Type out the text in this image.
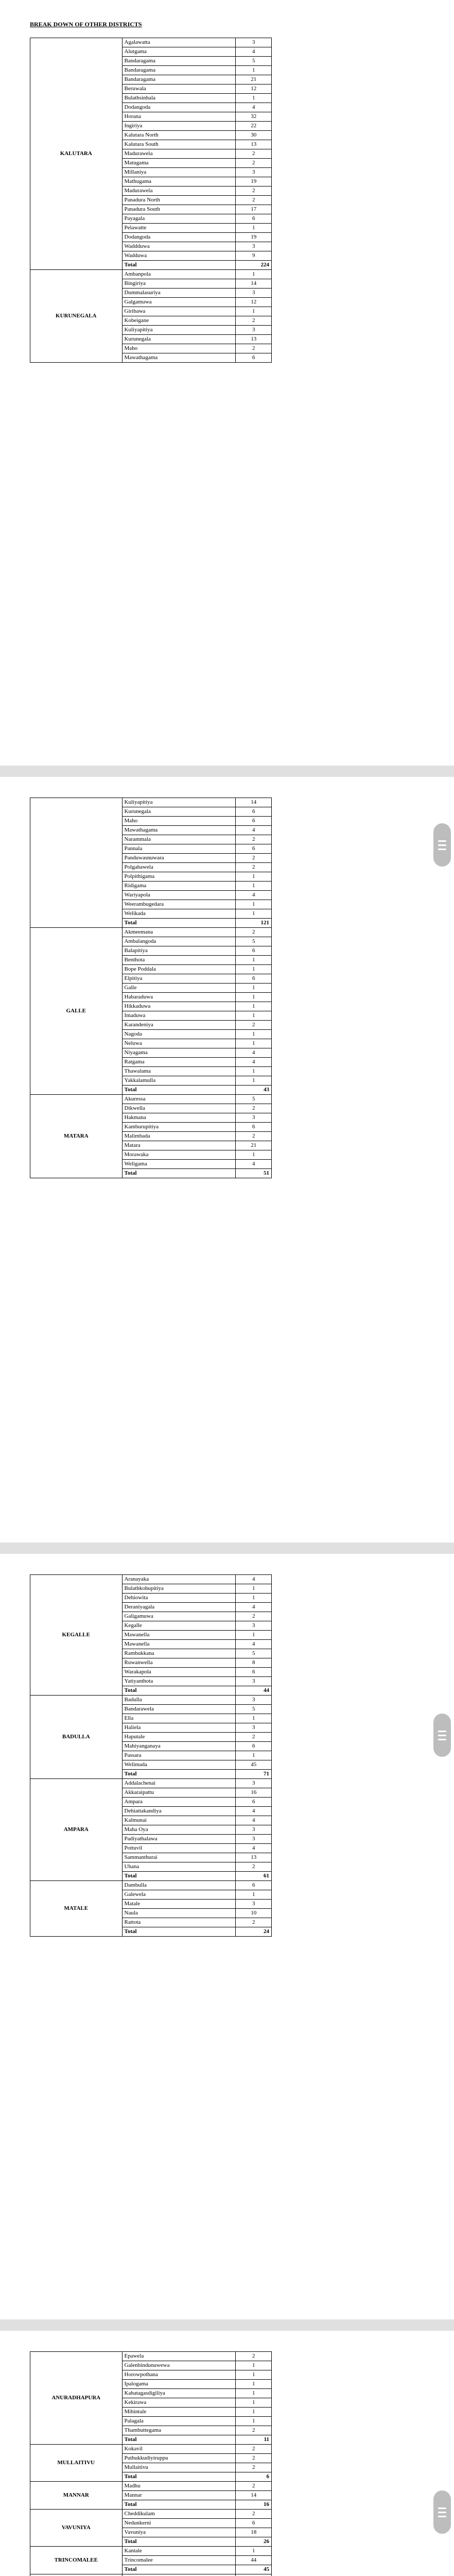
BREAK DOWN OF OTHER DISTRICTS
KALUTARA	Agalawatta	3
	Alutgama	4
	Bandaragama	5
	Bandaragama	1
	Bandaragama	21
	Beruwala	12
	Bulathsinhala	1
	Dodangoda	4
	Horana	32
	Ingiriya	22
	Kalutara North	30
	Kalutara South	13
	Madurawela	2
	Matugama	2
	Millaniya	3
	Mathugama	19
	Madurawela	2
	Panadura North	2
	Panadura South	17
	Payagala	6
	Pelawatte	1
	Dodangoda	19
	Waddduwa	3
	Wadduwa	9
	Total	224
KURUNEGALA	Ambanpola	1
	Bingiriya	14
	Dummalasuriya	3
	Galgamuwa	12
	Giribawa	1
	Kobeigane	2
	Kuliyapitiya	3
	Kurunegala	13
	Maho	2
	Mawathagama	6
	Kuliyapitiya	14
	Kurunegala	6
	Maho	6
	Mawathagama	4
	Narammala	2
	Pannala	6
	Panduwasnuwara	2
	Polgahawela	2
	Polpithigama	1
	Ridigama	1
	Wariyapola	4
	Weerambugedara	1
	Welikada	1
	Total	121
GALLE	Akmeemana	2
	Ambalangoda	5
	Balapitiya	6
	Benthota	1
	Bope Poddala	1
	Elpitiya	6
	Galle	1
	Habaraduwa	1
	Hikkaduwa	1
	Imaduwa	1
	Karandeniya	2
	Nagoda	1
	Neluwa	1
	Niyagama	4
	Ratgama	4
	Thawalama	1
	Yakkalamulla	1
	Total	43
MATARA	Akuressa	5
	Dikwella	2
	Hakmana	3
	Kamburupitiya	6
	Malimbada	2
	Matara	21
	Morawaka	1
	Weligama	4
	Total	51
KEGALLE	Aranayaka	4
	Bulathkohupitiya	1
	Dehiowita	1
	Deraniyagala	4
	Galigamuwa	2
	Kegalle	3
	Mawanella	1
	Mawanella	4
	Rambukkana	5
	Ruwanwella	8
	Warakapola	6
	Yatiyanthota	3
	Total	44
BADULLA	Badulla	3
	Bandarawela	5
	Ella	1
	Haliela	3
	Haputale	2
	Mahiyanganaya	6
	Passara	1
	Welimada	45
	Total	71
AMPARA	Addalachenai	3
	Akkaraipattu	16
	Ampara	6
	Dehiattakandiya	4
	Kalmunai	4
	Maha Oya	3
	Padiyathalawa	3
	Pottuvil	4
	Sammanthurai	13
	Uhana	2
	Total	61
MATALE	Dambulla	6
	Galewela	1
	Matale	3
	Naula	10
	Rattota	2
	Total	24
ANURADHAPURA	Epawela	2
	Galenbindunuwewa	1
	Horowpothana	1
	Ipalogama	1
	Kahatagasdigiliya	1
	Kekirawa	1
	Mihintale	1
	Palagala	1
	Thambuttegama	2
	Total	11
MULLAITIVU	Kokavil	2
	Puthukkudiyiruppu	2
	Mullaitivu	2
	Total	6
MANNAR	Madhu	2
	Mannar	14
	Total	16
VAVUNIYA	Cheddikulam	2
	Nedunkerni	6
	Vavuniya	18
	Total	26
TRINCOMALEE	Kantale	1
	Trincomalee	44
	Total	45
